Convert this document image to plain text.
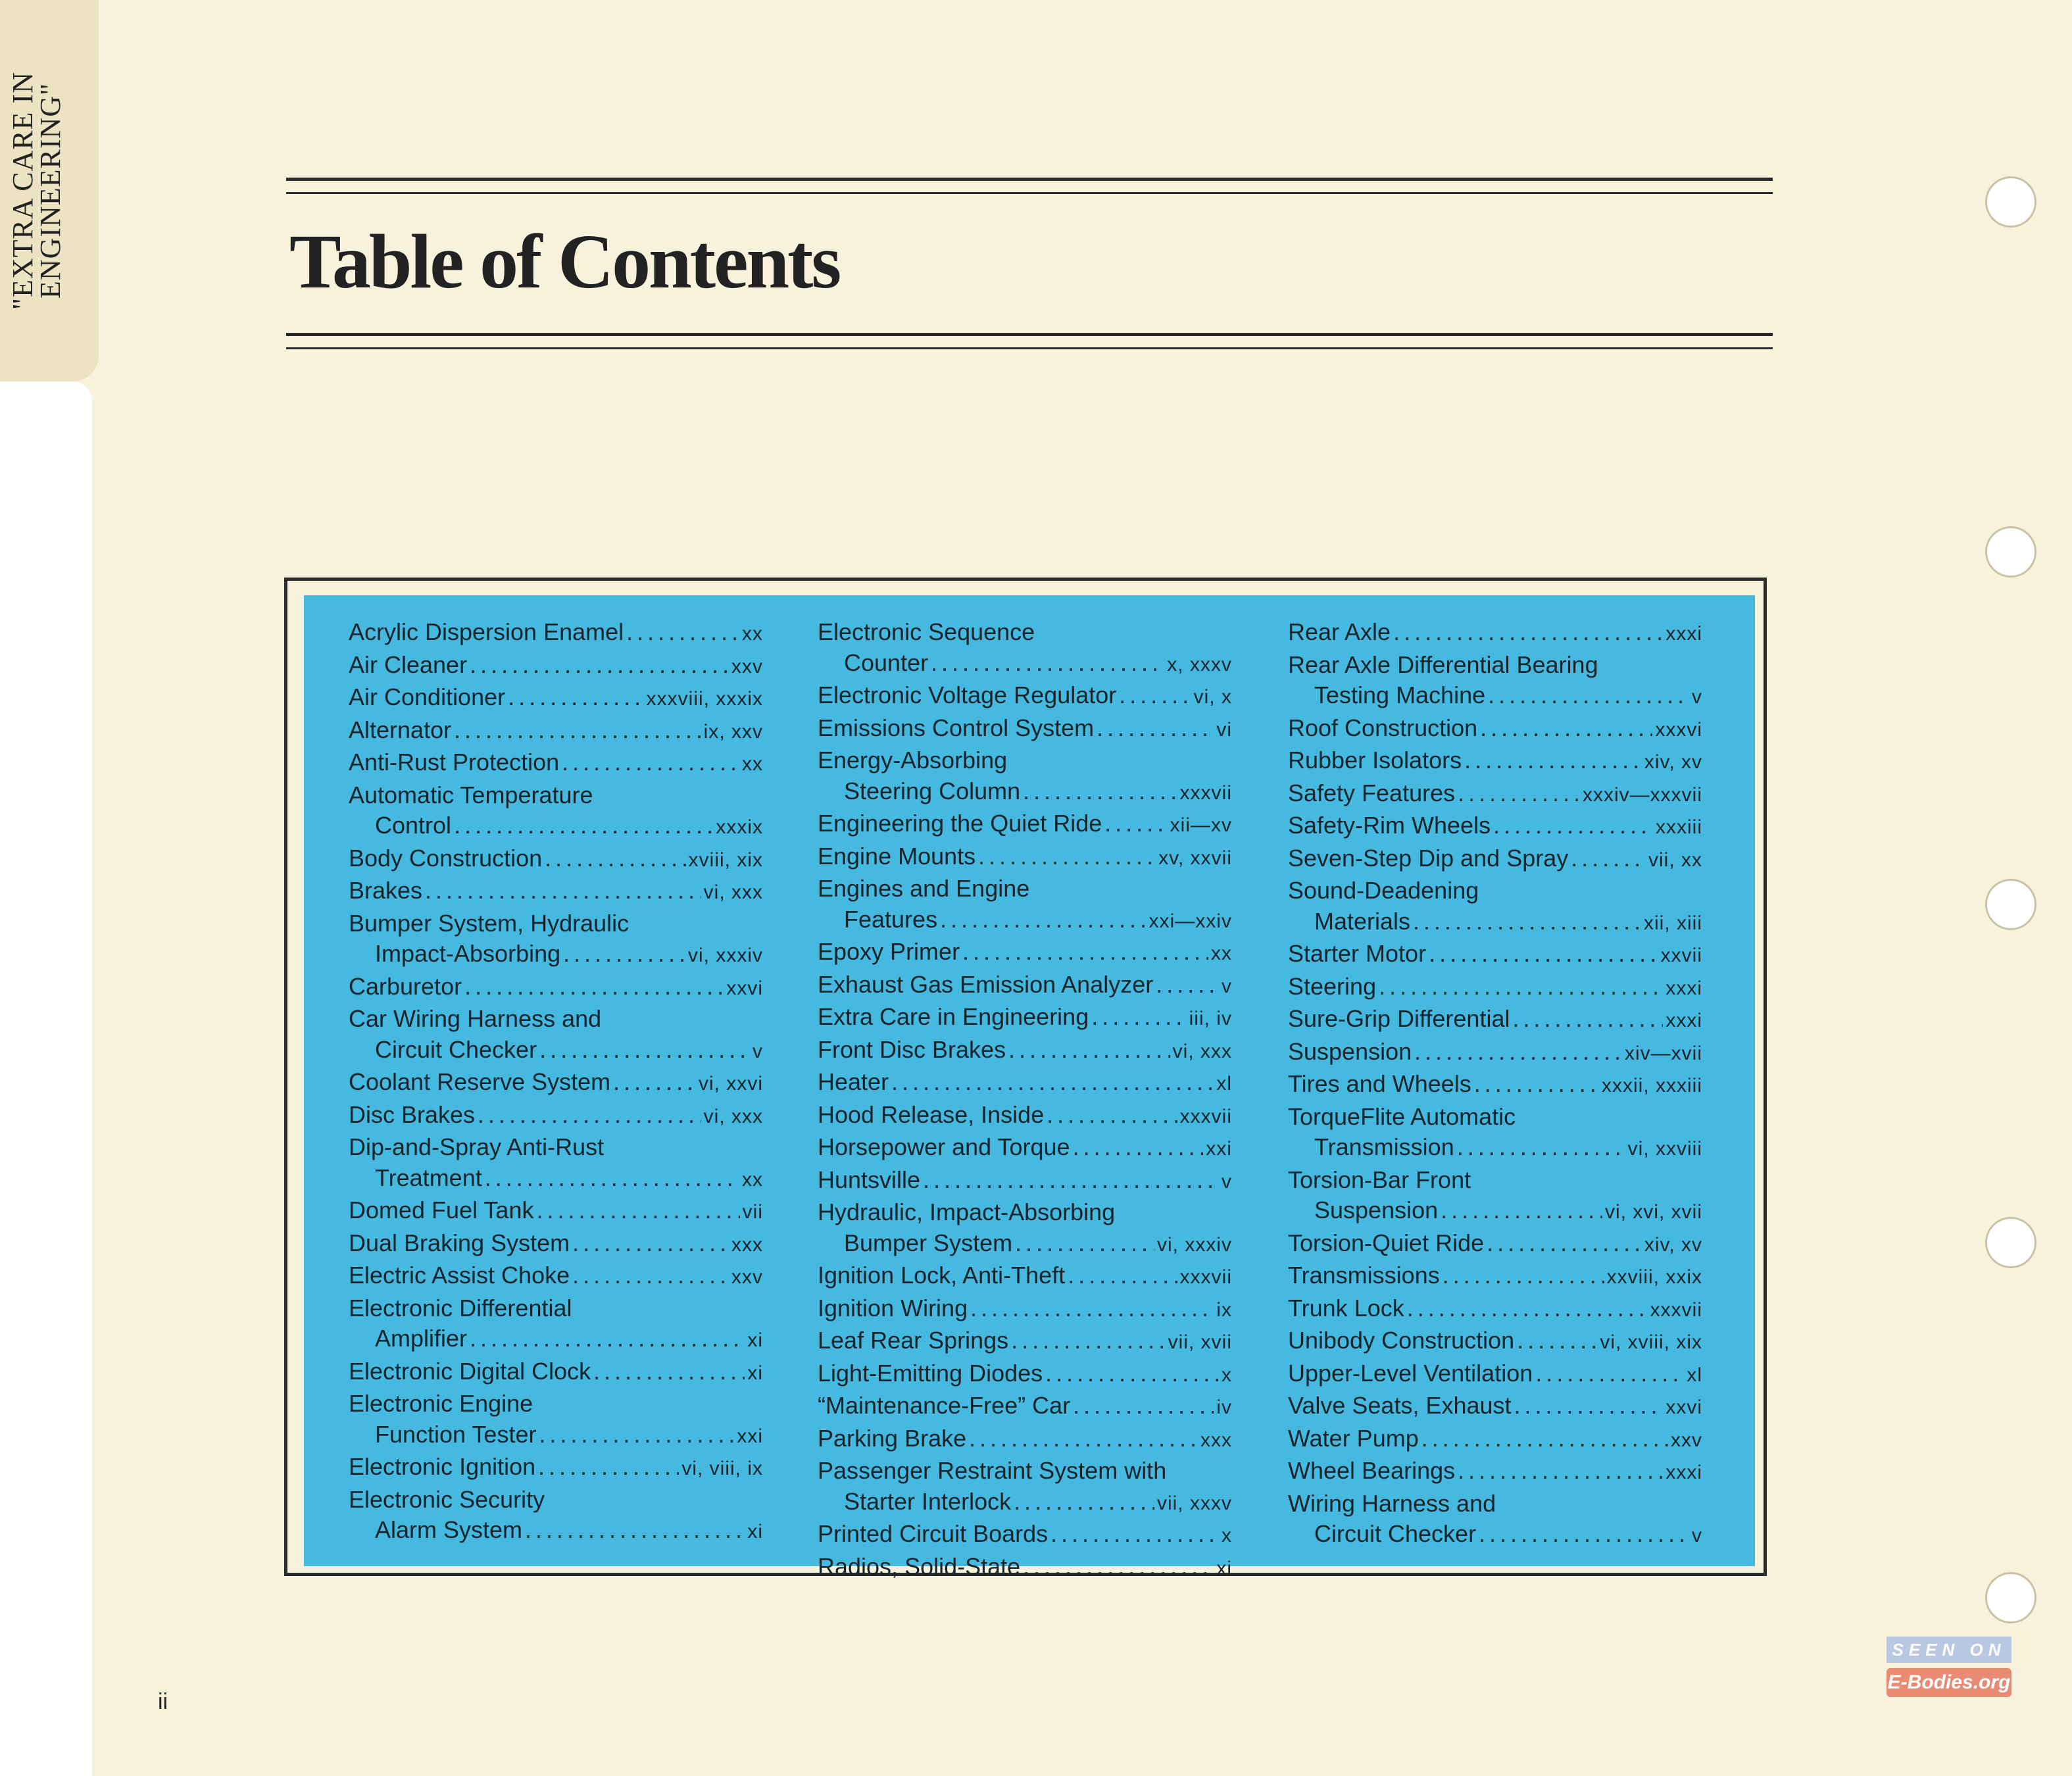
"EXTRA CARE IN
ENGINEERING"	Table of Contents
Acrylic Dispersion Enamel .....	xx
Air Cleaner .....	xxv
Air Conditioner .....	xxxviii, xxxix
Alternator .....	ix, xxv
Anti-Rust Protection .....	xx
Automatic Temperature
Control .....	xxxix
Body Construction .....	xviii, xix
Brakes .....	vi, xxx
Bumper System, Hydraulic
Impact-Absorbing .....	vi, xxxiv
Carburetor .....	xxvi
Car Wiring Harness and
Circuit Checker .....	v
Coolant Reserve System .....	vi, xxvi
Disc Brakes .....	vi, xxx
Dip-and-Spray Anti-Rust
Treatment .....	xx
Domed Fuel Tank .....	vii
Dual Braking System .....	xxx
Electric Assist Choke .....	xxv
Electronic Differential
Amplifier .....	xi
Electronic Digital Clock .....	xi
Electronic Engine
Function Tester .....	xxi
Electronic Ignition .....	vi, viii, ix
Electronic Security
Alarm System .....	xi
Electronic Sequence
Counter .....	x, xxxv
Electronic Voltage Regulator .....	vi, x
Emissions Control System .....	vi
Energy-Absorbing
Steering Column .....	xxxvii
Engineering the Quiet Ride .....	xii—xv
Engine Mounts .....	xv, xxvii
Engines and Engine
Features .....	xxi—xxiv
Epoxy Primer .....	xx
Exhaust Gas Emission Analyzer .....	v
Extra Care in Engineering .....	iii, iv
Front Disc Brakes .....	vi, xxx
Heater .....	xl
Hood Release, Inside .....	xxxvii
Horsepower and Torque .....	xxi
Huntsville .....	v
Hydraulic, Impact-Absorbing
Bumper System .....	vi, xxxiv
Ignition Lock, Anti-Theft .....	xxxvii
Ignition Wiring .....	ix
Leaf Rear Springs .....	vii, xvii
Light-Emitting Diodes .....	x
“Maintenance-Free” Car .....	iv
Parking Brake .....	xxx
Passenger Restraint System with
Starter Interlock .....	vii, xxxv
Printed Circuit Boards .....	x
Radios, Solid-State .....	xi
Rear Axle .....	xxxi
Rear Axle Differential Bearing
Testing Machine .....	v
Roof Construction .....	xxxvi
Rubber Isolators .....	xiv, xv
Safety Features .....	xxxiv—xxxvii
Safety-Rim Wheels .....	xxxiii
Seven-Step Dip and Spray .....	vii, xx
Sound-Deadening
Materials .....	xii, xiii
Starter Motor .....	xxvii
Steering .....	xxxi
Sure-Grip Differential .....	xxxi
Suspension .....	xiv—xvii
Tires and Wheels .....	xxxii, xxxiii
TorqueFlite Automatic
Transmission .....	vi, xxviii
Torsion-Bar Front
Suspension .....	vi, xvi, xvii
Torsion-Quiet Ride .....	xiv, xv
Transmissions .....	xxviii, xxix
Trunk Lock .....	xxxvii
Unibody Construction .....	vi, xviii, xix
Upper-Level Ventilation .....	xl
Valve Seats, Exhaust .....	xxvi
Water Pump .....	xxv
Wheel Bearings .....	xxxi
Wiring Harness and
Circuit Checker .....	v
ii
SEEN ON
E-Bodies.org
